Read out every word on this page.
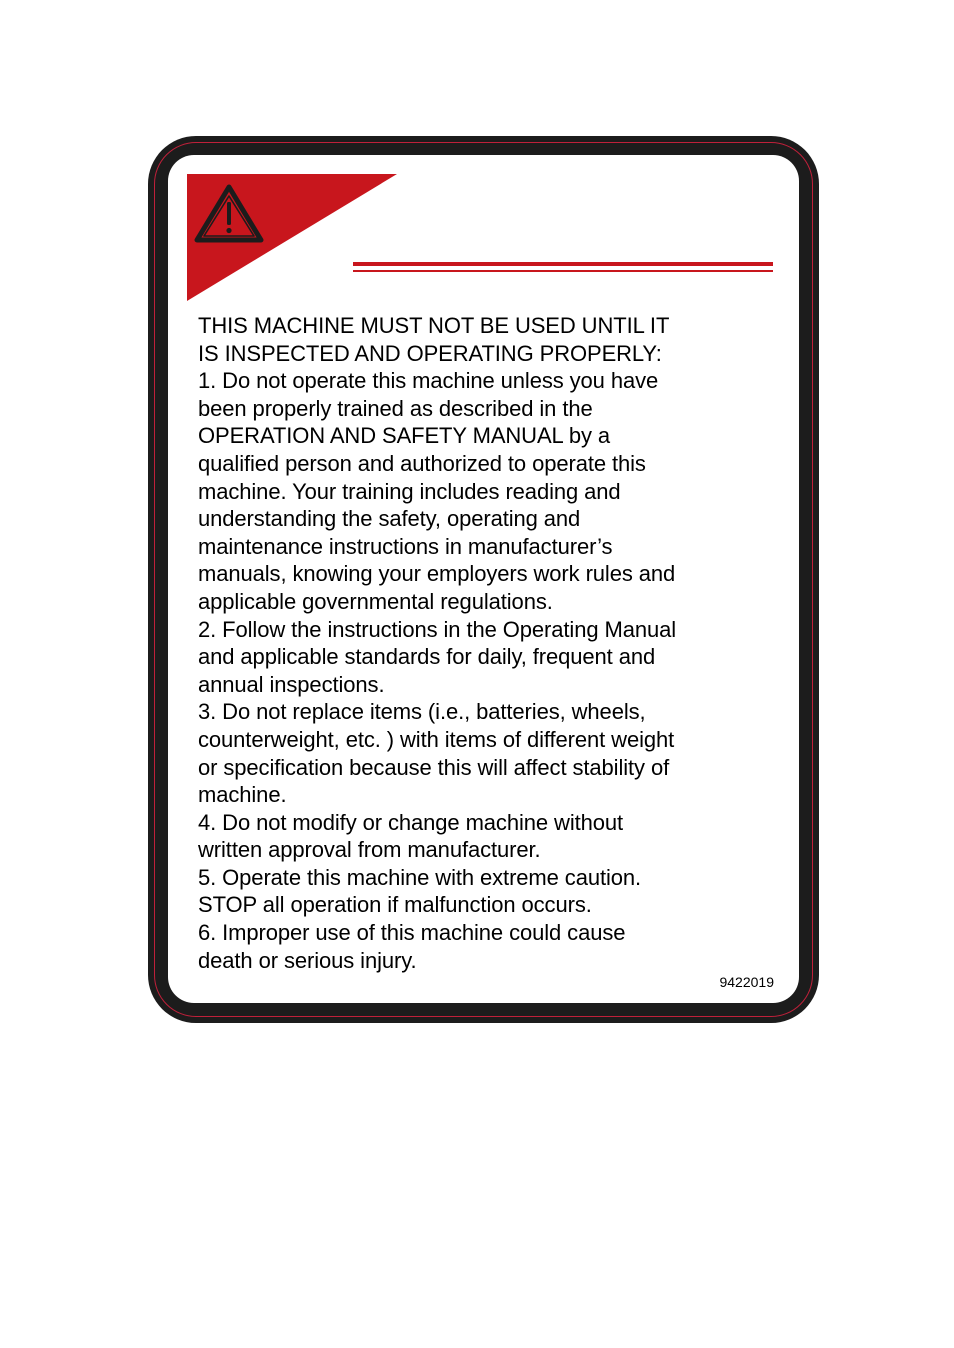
THIS MACHINE MUST NOT BE USED UNTIL IT
IS INSPECTED AND OPERATING PROPERLY:
1. Do not operate this machine unless you have
been properly trained as described in the
OPERATION AND SAFETY MANUAL by a
qualified person and authorized to operate this
machine. Your training includes reading and
understanding the safety, operating and
maintenance instructions in manufacturer’s
manuals, knowing your employers work rules and
applicable governmental regulations.
2. Follow the instructions in the Operating Manual
and applicable standards for daily, frequent and
annual inspections.
3. Do not replace items (i.e., batteries, wheels,
counterweight, etc. ) with items of different weight
or specification because this will affect stability of
machine.
4. Do not modify or change machine without
written approval from manufacturer.
5. Operate this machine with extreme caution.
STOP all operation if malfunction occurs.
6. Improper use of this machine could cause
death or serious injury.

9422019
